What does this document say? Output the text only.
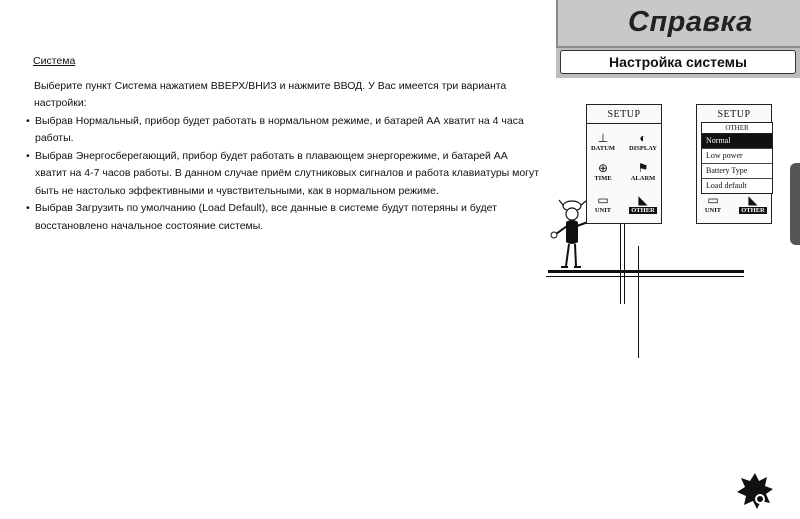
Справка
Настройка системы
Система
Выберите пункт Система нажатием ВВЕРХ/ВНИЗ и нажмите ВВОД. У Вас имеется три варианта настройки:
• Выбрав Нормальный, прибор будет работать в нормальном режиме, и батарей АА хватит на 4 часа работы.
• Выбрав Энергосберегающий, прибор будет работать в плавающем энергорежиме, и батарей АА хватит на 4-7 часов работы. В данном случае приём слутниковых сигналов и работа клавиатуры могут быть не настолько эффективными и чувствительными, как в нормальном режиме.
• Выбрав Загрузить по умолчанию (Load Default), все данные в системе будут потеряны и будет восстановлено начальное состояние системы.
SETUP
⊥
DATUM
◐
DISPLAY
⊕
TIME
⚑
ALARM
▭
UNIT
◣
OTHER
SETUP
OTHER
Normal
Low power
Battery Type
Load default
▭
UNIT
◣
OTHER
